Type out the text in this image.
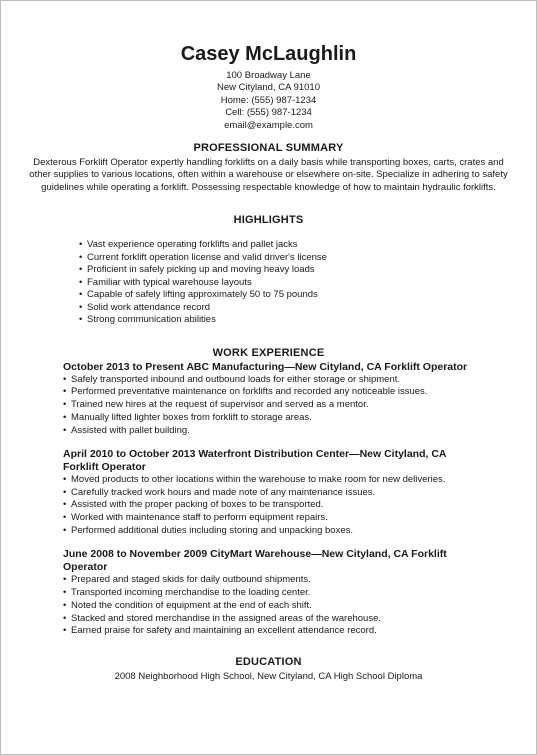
Casey McLaughlin
100 Broadway Lane
New Cityland, CA 91010
Home: (555) 987-1234
Cell: (555) 987-1234
email@example.com
PROFESSIONAL SUMMARY
Dexterous Forklift Operator expertly handling forklifts on a daily basis while transporting boxes, carts, crates and other supplies to various locations, often within a warehouse or elsewhere on-site. Specialize in adhering to safety guidelines while operating a forklift. Possessing respectable knowledge of how to maintain hydraulic forklifts.
HIGHLIGHTS
• Vast experience operating forklifts and pallet jacks
• Current forklift operation license and valid driver's license
• Proficient in safely picking up and moving heavy loads
• Familiar with typical warehouse layouts
• Capable of safely lifting approximately 50 to 75 pounds
• Solid work attendance record
• Strong communication abilities
WORK EXPERIENCE
October 2013 to Present ABC Manufacturing—New Cityland, CA Forklift Operator
• Safely transported inbound and outbound loads for either storage or shipment.
• Performed preventative maintenance on forklifts and recorded any noticeable issues.
• Trained new hires at the request of supervisor and served as a mentor.
• Manually lifted lighter boxes from forklift to storage areas.
• Assisted with pallet building.
April 2010 to October 2013 Waterfront Distribution Center—New Cityland, CA Forklift Operator
• Moved products to other locations within the warehouse to make room for new deliveries.
• Carefully tracked work hours and made note of any maintenance issues.
• Assisted with the proper packing of boxes to be transported.
• Worked with maintenance staff to perform equipment repairs.
• Performed additional duties including storing and unpacking boxes.
June 2008 to November 2009 CityMart Warehouse—New Cityland, CA Forklift Operator
• Prepared and staged skids for daily outbound shipments.
• Transported incoming merchandise to the loading center.
• Noted the condition of equipment at the end of each shift.
• Stacked and stored merchandise in the assigned areas of the warehouse.
• Earned praise for safety and maintaining an excellent attendance record.
EDUCATION
2008 Neighborhood High School, New Cityland, CA High School Diploma
